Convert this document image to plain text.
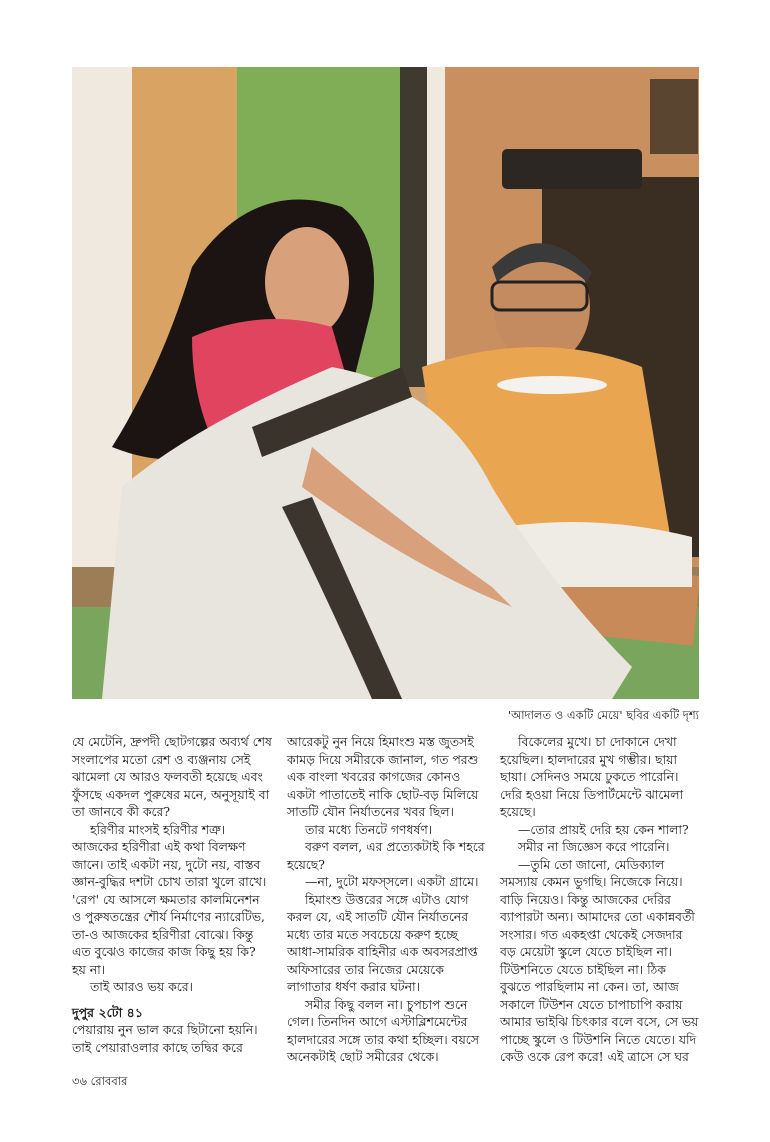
'আদালত ও একটি মেয়ে' ছবির একটি দৃশ্য

যে মেটেনি, দ্রুপদী ছোটগল্পের অব্যর্থ শেষ সংলাপের মতো রেশ ও ব্যঞ্জনায় সেই ঝামেলা যে আরও ফলবতী হয়েছে এবং ফুঁসছে একদল পুরুষের মনে, অনুসূয়াই বা তা জানবে কী করে?

হরিণীর মাংসই হরিণীর শত্রু। আজকের হরিণীরা এই কথা বিলক্ষণ জানে। তাই একটা নয়, দুটো নয়, বাস্তব জ্ঞান-বুদ্ধির দশটা চোখ তারা খুলে রাখে। 'রেপ' যে আসলে ক্ষমতার কালমিনেশন ও পুরুষতন্ত্রের শৌর্য নির্মাণের ন্যারেটিভ, তা-ও আজকের হরিণীরা বোঝে। কিন্তু এত বুঝেও কাজের কাজ কিছু হয় কি? হয় না।

তাই আরও ভয় করে।

দুপুর ২টো ৪১

পেয়ারায় নুন ভাল করে ছিটানো হয়নি। তাই পেয়ারাওলার কাছে তদ্বির করে

আরেকটু নুন নিয়ে হিমাংশু মস্ত জুতসই কামড় দিয়ে সমীরকে জানাল, গত পরশু এক বাংলা খবরের কাগজের কোনও একটা পাতাতেই নাকি ছোট-বড় মিলিয়ে সাতটি যৌন নির্যাতনের খবর ছিল।

তার মধ্যে তিনটে গণধর্ষণ।

বরুণ বলল, এর প্রত্যেকটাই কি শহরে হয়েছে?

—না, দুটো মফস্সলে। একটা গ্রামে।

হিমাংশু উত্তরের সঙ্গে এটাও যোগ করল যে, এই সাতটি যৌন নির্যাতনের মধ্যে তার মতে সবচেয়ে করুণ হচ্ছে আধা-সামরিক বাহিনীর এক অবসরপ্রাপ্ত অফিসারের তার নিজের মেয়েকে লাগাতার ধর্ষণ করার ঘটনা।

সমীর কিছু বলল না। চুপচাপ শুনে গেল। তিনদিন আগে এস্টাব্লিশমেন্টের হালদারের সঙ্গে তার কথা হচ্ছিল। বয়সে অনেকটাই ছোট সমীরের থেকে।

বিকেলের মুখে। চা দোকানে দেখা হয়েছিল। হালদারের মুখ গম্ভীর। ছায়া ছায়া। সেদিনও সময়ে ঢুকতে পারেনি। দেরি হওয়া নিয়ে ডিপার্টমেন্টে ঝামেলা হয়েছে।

—তোর প্রায়ই দেরি হয় কেন শালা?

সমীর না জিজ্ঞেস করে পারেনি।

—তুমি তো জানো, মেডিক্যাল সমস্যায় কেমন ভুগছি। নিজেকে নিয়ে। বাড়ি নিয়েও। কিন্তু আজকের দেরির ব্যাপারটা অন্য। আমাদের তো একান্নবর্তী সংসার। গত একহপ্তা থেকেই সেজদার বড় মেয়েটা স্কুলে যেতে চাইছিল না। টিউশনিতে যেতে চাইছিল না। ঠিক বুঝতে পারছিলাম না কেন। তা, আজ সকালে টিউশন যেতে চাপাচাপি করায় আমার ভাইঝি চিৎকার বলে বসে, সে ভয় পাচ্ছে স্কুলে ও টিউশনি নিতে যেতে। যদি কেউ ওকে রেপ করে! এই ত্রাসে সে ঘর

৩৬ রোববার
